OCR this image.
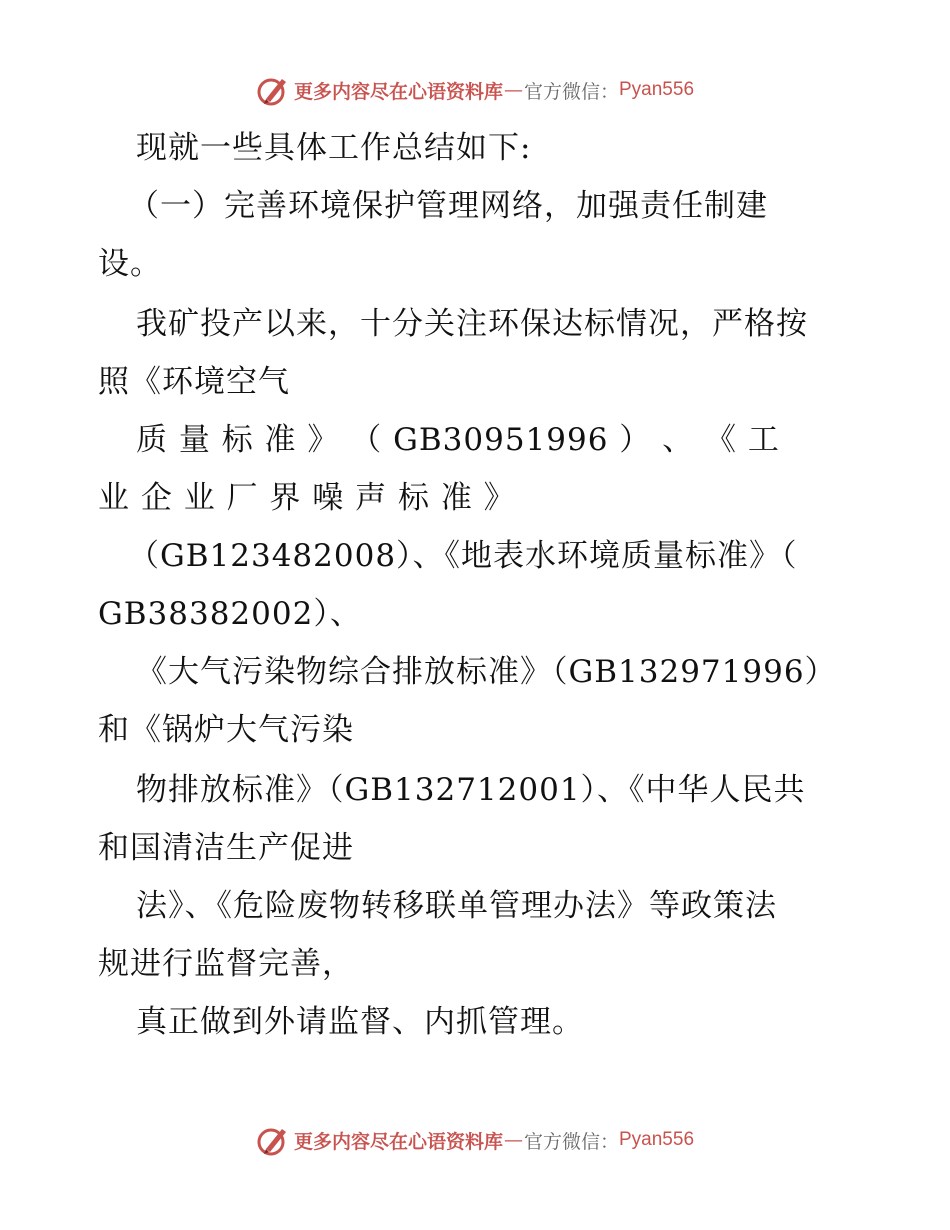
更多内容尽在心语资料库 — 官方微信： Pyan556
现就一些具体工作总结如下:
（一）完善环境保护管理网络，加强责任制建
设。
我矿投产以来，十分关注环保达标情况，严格按
照《环境空气
质 量 标 准 》 （ GB30951996 ） 、 《 工
业 企 业 厂 界 噪 声 标 准 》
（GB123482008）、《地表水环境质量标准》（
GB38382002）、
《大气污染物综合排放标准》（GB132971996）
和《锅炉大气污染
物排放标准》（GB132712001）、《中华人民共
和国清洁生产促进
法》、《危险废物转移联单管理办法》等政策法
规进行监督完善，
真正做到外请监督、内抓管理。
更多内容尽在心语资料库 — 官方微信： Pyan556
